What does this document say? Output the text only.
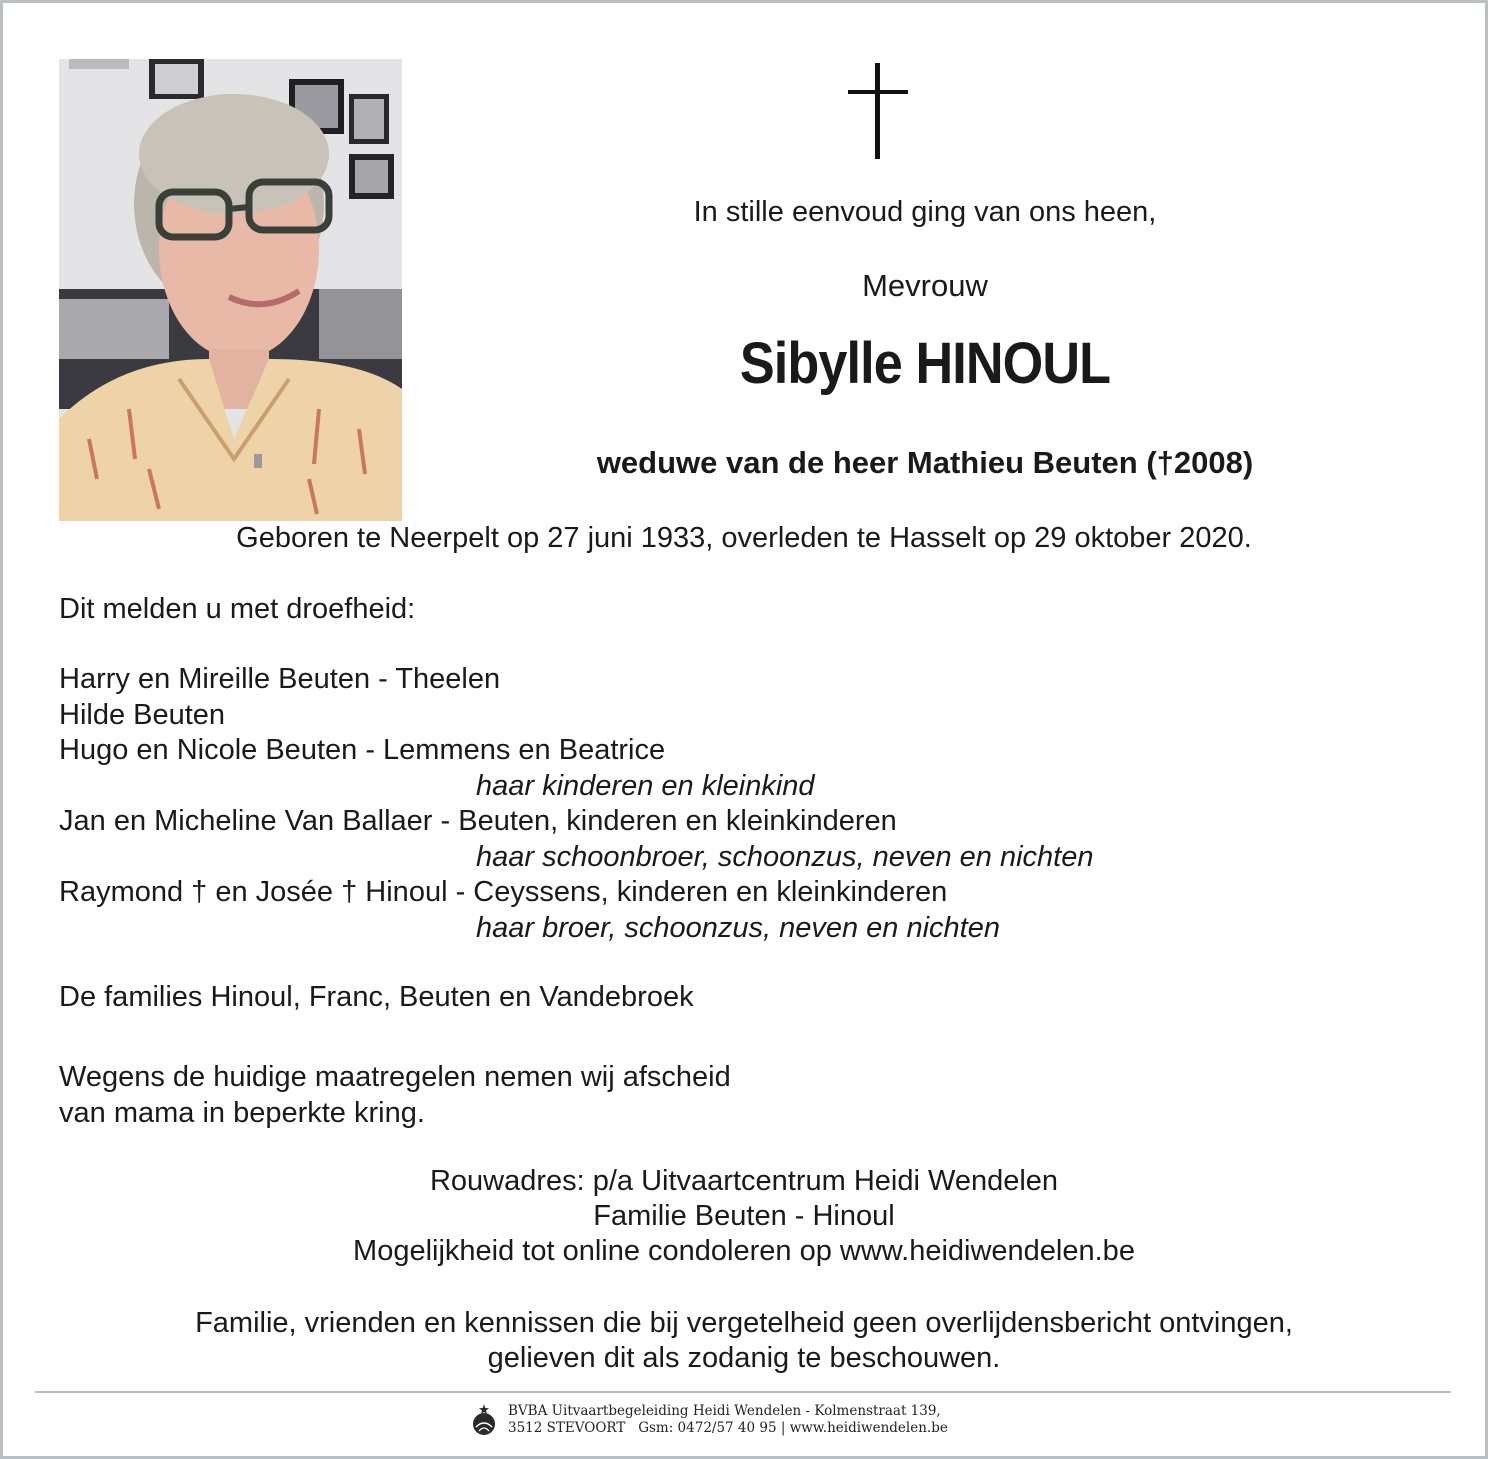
In stille eenvoud ging van ons heen,
Mevrouw
Sibylle HINOUL
weduwe van de heer Mathieu Beuten (†2008)
Geboren te Neerpelt op 27 juni 1933, overleden te Hasselt op 29 oktober 2020.
Dit melden u met droefheid:
Harry en Mireille Beuten - Theelen
Hilde Beuten
Hugo en Nicole Beuten - Lemmens en Beatrice
haar kinderen en kleinkind
Jan en Micheline Van Ballaer - Beuten, kinderen en kleinkinderen
haar schoonbroer, schoonzus, neven en nichten
Raymond † en Josée † Hinoul - Ceyssens, kinderen en kleinkinderen
haar broer, schoonzus, neven en nichten
De families Hinoul, Franc, Beuten en Vandebroek
Wegens de huidige maatregelen nemen wij afscheid
van mama in beperkte kring.
Rouwadres: p/a Uitvaartcentrum Heidi Wendelen
Familie Beuten - Hinoul
Mogelijkheid tot online condoleren op www.heidiwendelen.be
Familie, vrienden en kennissen die bij vergetelheid geen overlijdensbericht ontvingen,
gelieven dit als zodanig te beschouwen.
BVBA Uitvaartbegeleiding Heidi Wendelen - Kolmenstraat 139,
3512 STEVOORT   Gsm: 0472/57 40 95 | www.heidiwendelen.be
